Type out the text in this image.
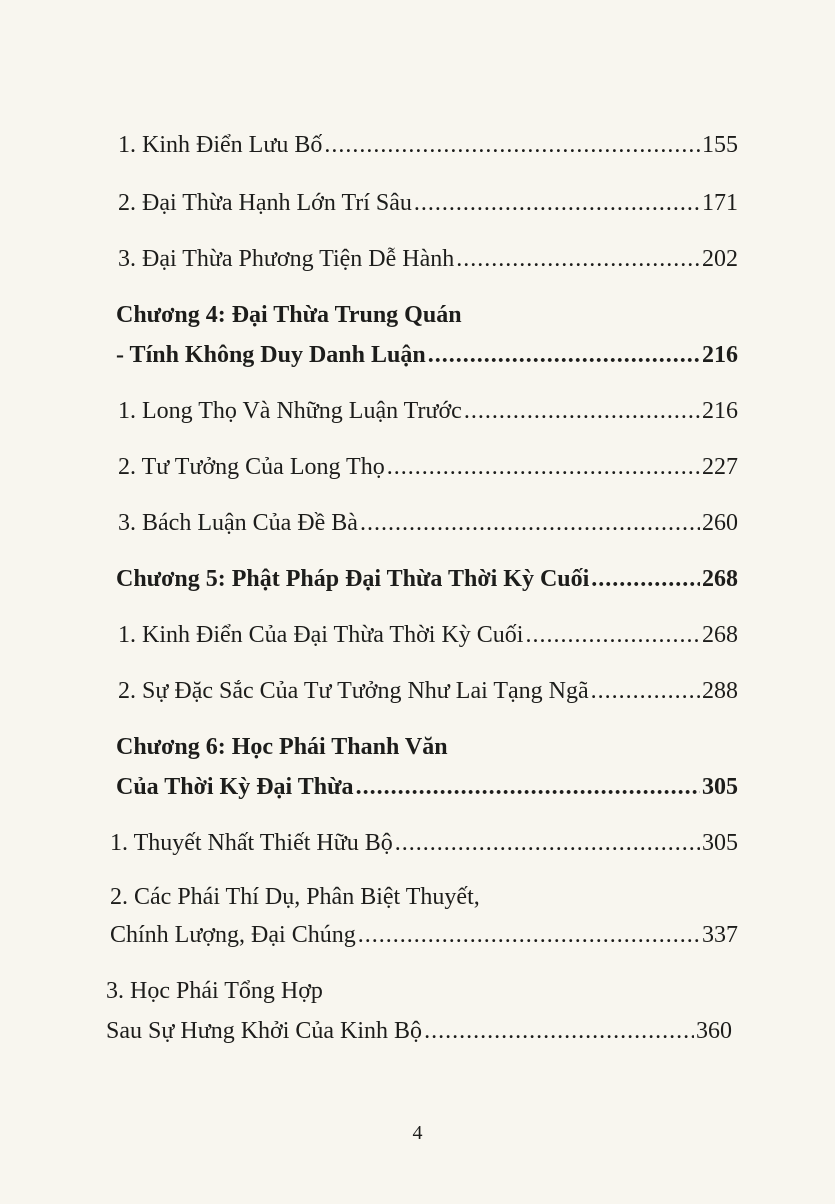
1. Kinh Điển Lưu Bố .....	155
2. Đại Thừa Hạnh Lớn Trí Sâu .....	171
3. Đại Thừa Phương Tiện Dễ Hành .....	202
Chương 4: Đại Thừa Trung Quán
- Tính Không Duy Danh Luận .....	216
1. Long Thọ Và Những Luận Trước .....	216
2. Tư Tưởng Của Long Thọ .....	227
3. Bách Luận Của Đề Bà .....	260
Chương 5: Phật Pháp Đại Thừa Thời Kỳ Cuối .....	268
1. Kinh Điển Của Đại Thừa Thời Kỳ Cuối .....	268
2. Sự Đặc Sắc Của Tư Tưởng Như Lai Tạng Ngã .....	288
Chương 6: Học Phái Thanh Văn
Của Thời Kỳ Đại Thừa .....	305
1. Thuyết Nhất Thiết Hữu Bộ .....	305
2. Các Phái Thí Dụ, Phân Biệt Thuyết,
Chính Lượng, Đại Chúng .....	337
3. Học Phái Tổng Hợp
Sau Sự Hưng Khởi Của Kinh Bộ .....	360
4
